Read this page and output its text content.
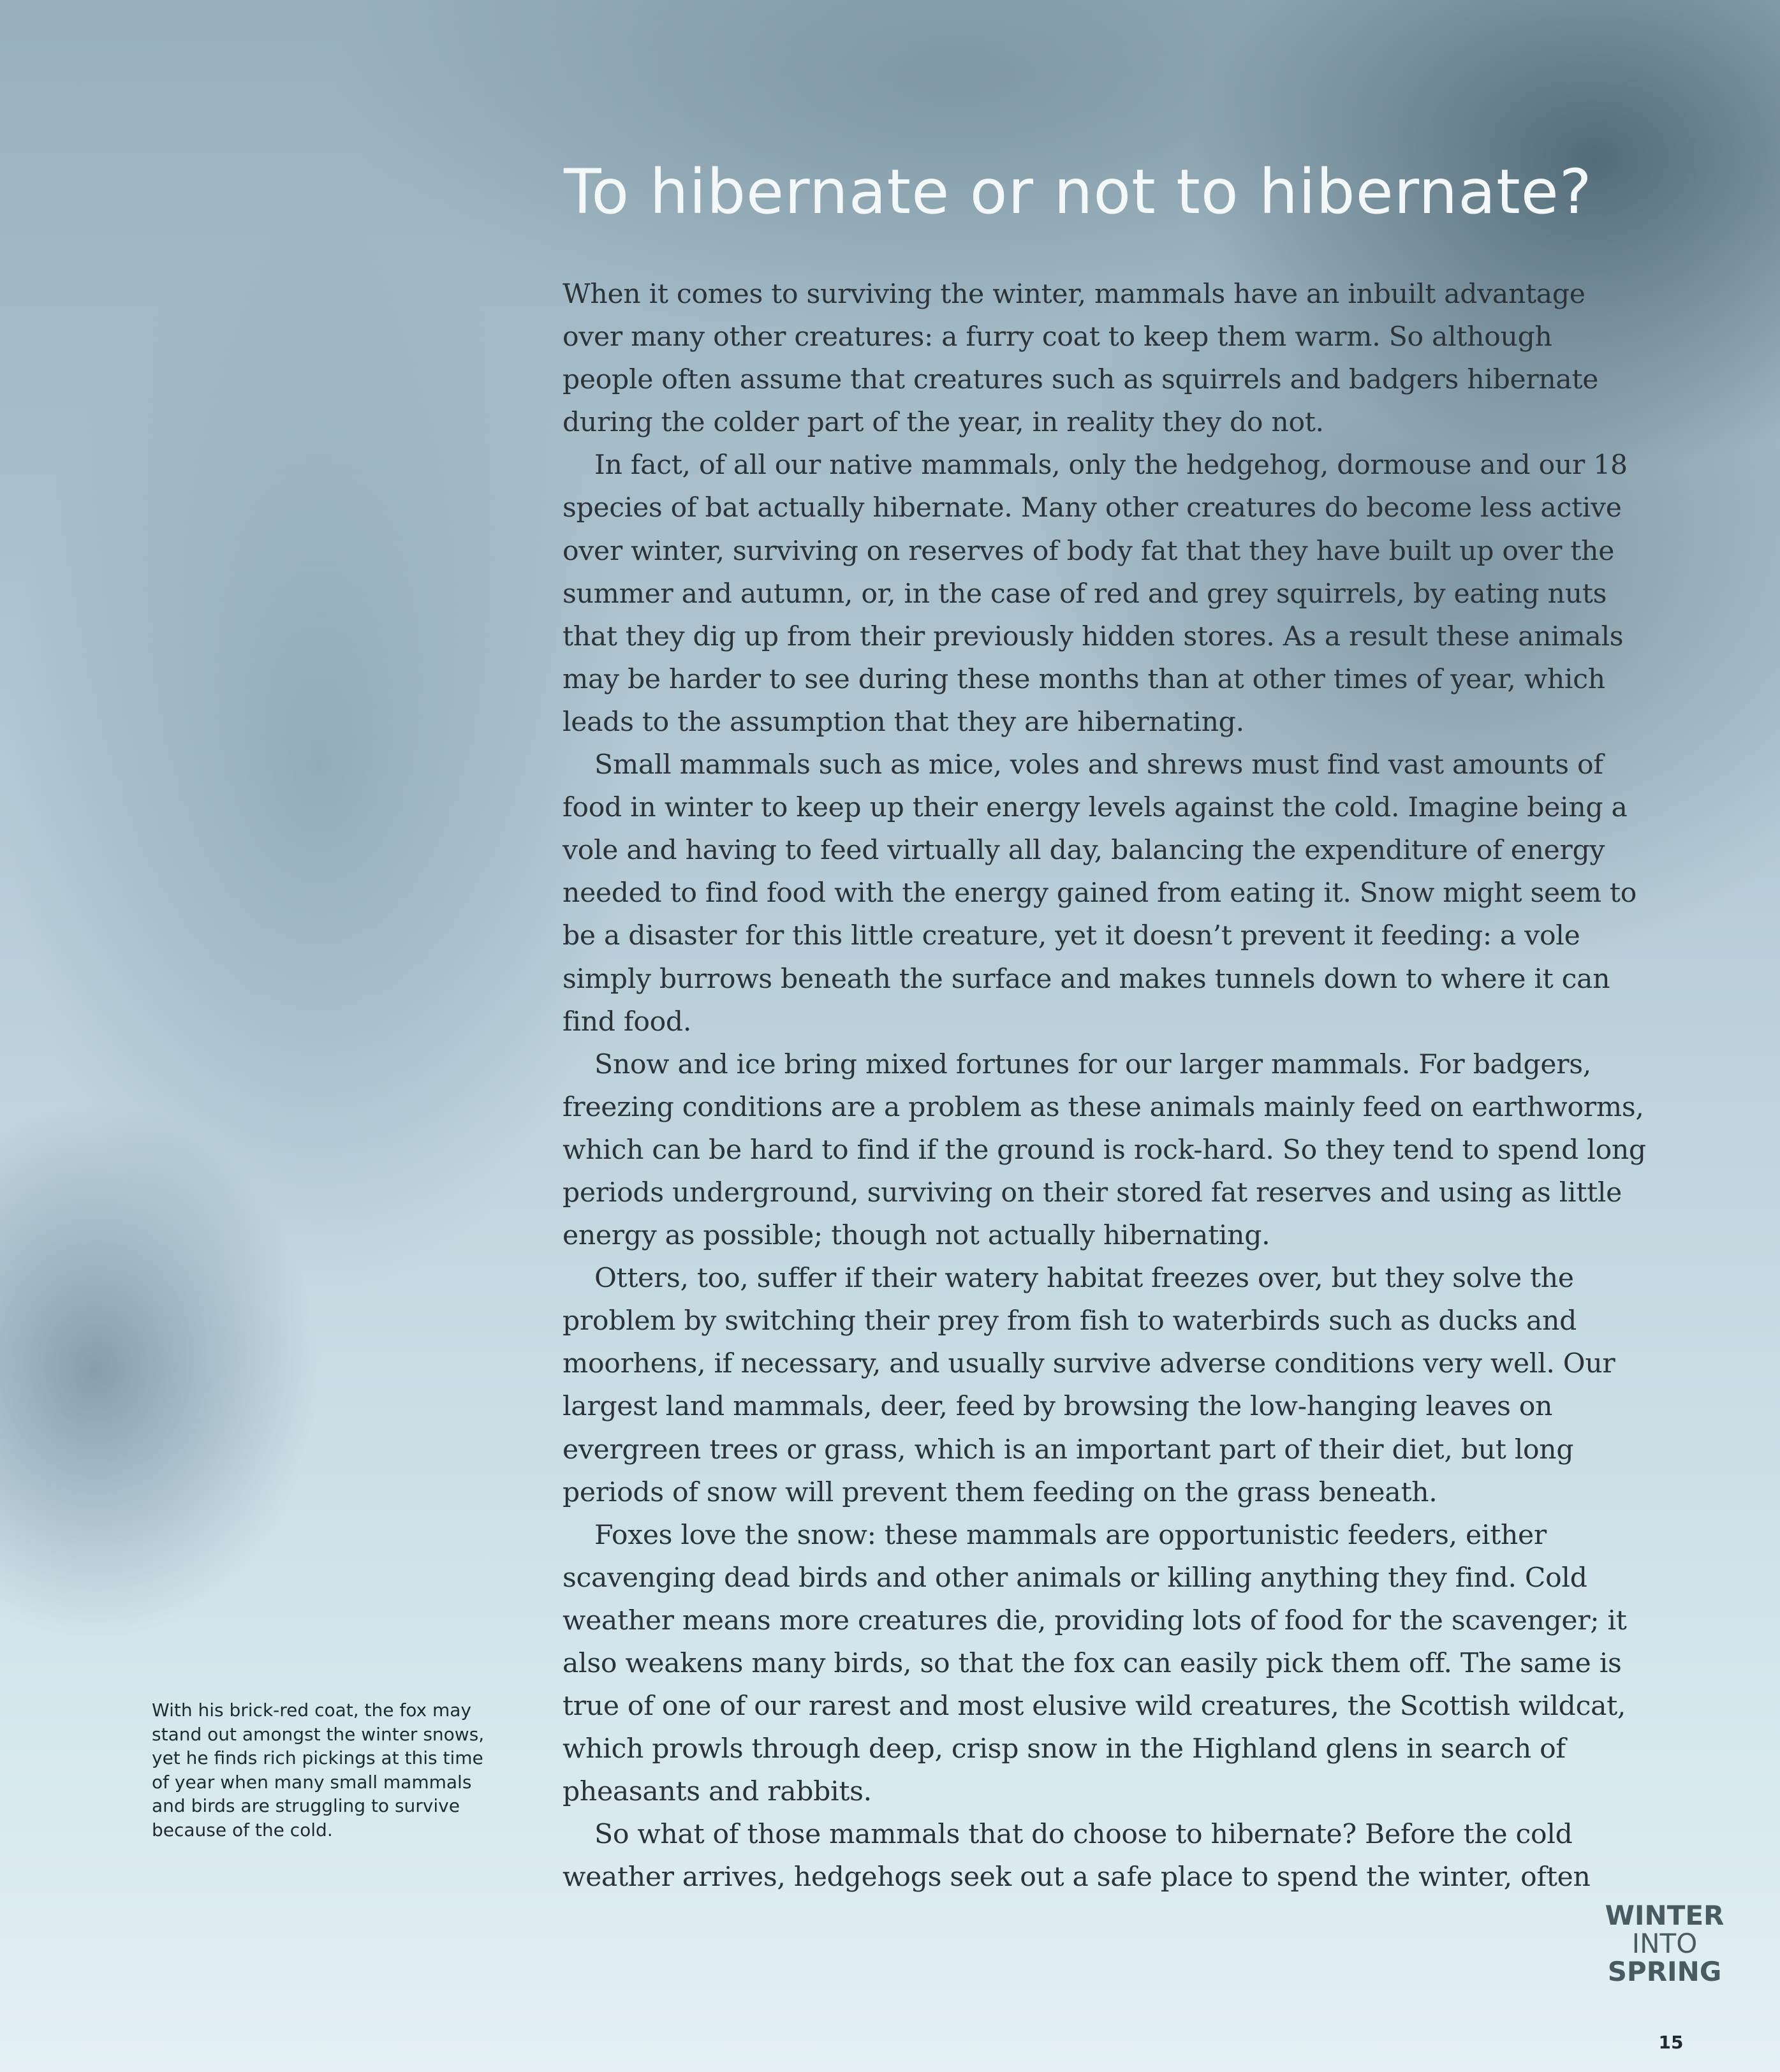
To hibernate or not to hibernate?

When it comes to surviving the winter, mammals have an inbuilt advantage over many other creatures: a furry coat to keep them warm. So although people often assume that creatures such as squirrels and badgers hibernate during the colder part of the year, in reality they do not.

In fact, of all our native mammals, only the hedgehog, dormouse and our 18 species of bat actually hibernate. Many other creatures do become less active over winter, surviving on reserves of body fat that they have built up over the summer and autumn, or, in the case of red and grey squirrels, by eating nuts that they dig up from their previously hidden stores. As a result these animals may be harder to see during these months than at other times of year, which leads to the assumption that they are hibernating.

Small mammals such as mice, voles and shrews must find vast amounts of food in winter to keep up their energy levels against the cold. Imagine being a vole and having to feed virtually all day, balancing the expenditure of energy needed to find food with the energy gained from eating it. Snow might seem to be a disaster for this little creature, yet it doesn’t prevent it feeding: a vole simply burrows beneath the surface and makes tunnels down to where it can find food.

Snow and ice bring mixed fortunes for our larger mammals. For badgers, freezing conditions are a problem as these animals mainly feed on earthworms, which can be hard to find if the ground is rock-hard. So they tend to spend long periods underground, surviving on their stored fat reserves and using as little energy as possible; though not actually hibernating.

Otters, too, suffer if their watery habitat freezes over, but they solve the problem by switching their prey from fish to waterbirds such as ducks and moorhens, if necessary, and usually survive adverse conditions very well. Our largest land mammals, deer, feed by browsing the low-hanging leaves on evergreen trees or grass, which is an important part of their diet, but long periods of snow will prevent them feeding on the grass beneath.

Foxes love the snow: these mammals are opportunistic feeders, either scavenging dead birds and other animals or killing anything they find. Cold weather means more creatures die, providing lots of food for the scavenger; it also weakens many birds, so that the fox can easily pick them off. The same is true of one of our rarest and most elusive wild creatures, the Scottish wildcat, which prowls through deep, crisp snow in the Highland glens in search of pheasants and rabbits.

So what of those mammals that do choose to hibernate? Before the cold weather arrives, hedgehogs seek out a safe place to spend the winter, often

With his brick-red coat, the fox may stand out amongst the winter snows, yet he finds rich pickings at this time of year when many small mammals and birds are struggling to survive because of the cold.
WINTER
INTO
SPRING
15
